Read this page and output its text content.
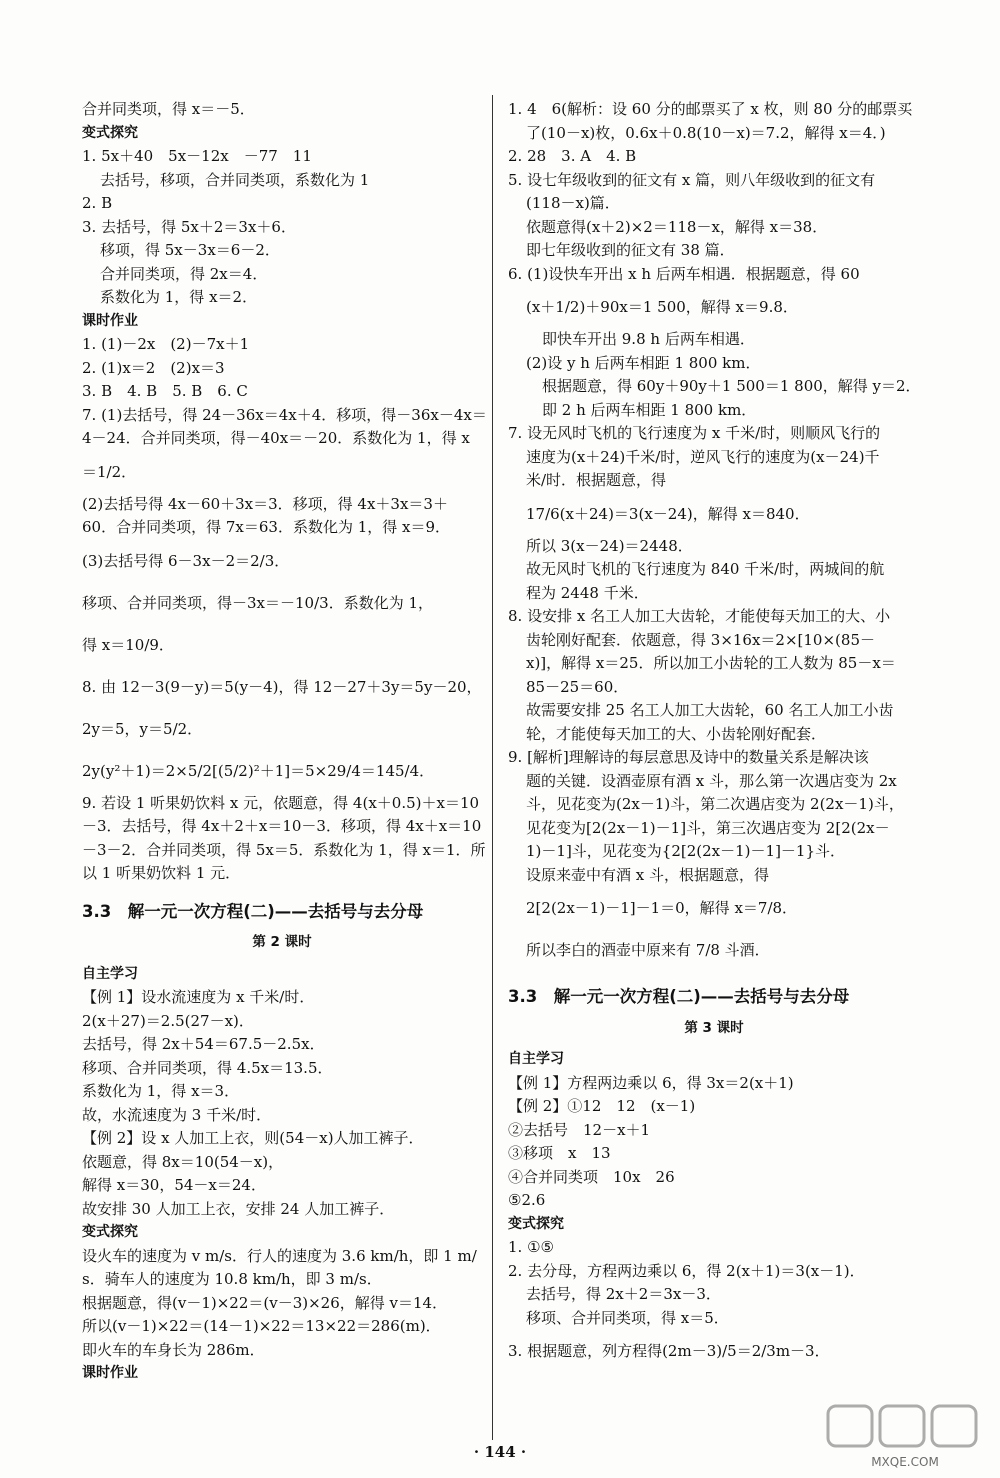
合并同类项，得 x＝－5．
变式探究
1. 5x＋40　5x－12x　－77　11
去括号，移项，合并同类项，系数化为 1
2. B
3. 去括号，得 5x＋2＝3x＋6．
移项，得 5x－3x＝6－2．
合并同类项，得 2x＝4．
系数化为 1，得 x＝2．
课时作业
1. (1)－2x　(2)－7x＋1
2. (1)x＝2　(2)x＝3
3. B　4. B　5. B　6. C
7. (1)去括号，得 24－36x＝4x＋4．移项，得－36x－4x＝
4－24．合并同类项，得－40x＝－20．系数化为 1，得 x
＝1/2．
(2)去括号得 4x－60＋3x＝3．移项，得 4x＋3x＝3＋
60．合并同类项，得 7x＝63．系数化为 1，得 x＝9．
(3)去括号得 6－3x－2＝2/3．
移项、合并同类项，得－3x＝－10/3．系数化为 1，
得 x＝10/9．
8. 由 12－3(9－y)＝5(y－4)，得 12－27＋3y＝5y－20，
2y＝5，y＝5/2．
2y(y²＋1)＝2×5/2[(5/2)²＋1]＝5×29/4＝145/4．
9. 若设 1 听果奶饮料 x 元，依题意，得 4(x＋0.5)＋x＝10
－3．去括号，得 4x＋2＋x＝10－3．移项，得 4x＋x＝10
－3－2．合并同类项，得 5x＝5．系数化为 1，得 x＝1．所
以 1 听果奶饮料 1 元．
3.3　解一元一次方程(二)——去括号与去分母
第 2 课时
自主学习
【例 1】设水流速度为 x 千米/时．
2(x＋27)＝2.5(27－x)．
去括号，得 2x＋54＝67.5－2.5x．
移项、合并同类项，得 4.5x＝13.5．
系数化为 1，得 x＝3．
故，水流速度为 3 千米/时．
【例 2】设 x 人加工上衣，则(54－x)人加工裤子．
依题意，得 8x＝10(54－x)，
解得 x＝30，54－x＝24．
故安排 30 人加工上衣，安排 24 人加工裤子．
变式探究
设火车的速度为 v m/s．行人的速度为 3.6 km/h，即 1 m/
s．骑车人的速度为 10.8 km/h，即 3 m/s．
根据题意，得(v－1)×22＝(v－3)×26，解得 v＝14．
所以(v－1)×22＝(14－1)×22＝13×22＝286(m)．
即火车的车身长为 286m．
课时作业
1. 4　6(解析：设 60 分的邮票买了 x 枚，则 80 分的邮票买
了(10－x)枚，0.6x＋0.8(10－x)＝7.2，解得 x＝4．)
2. 28　3. A　4. B
5. 设七年级收到的征文有 x 篇，则八年级收到的征文有
(118－x)篇．
依题意得(x＋2)×2＝118－x，解得 x＝38．
即七年级收到的征文有 38 篇．
6. (1)设快车开出 x h 后两车相遇．根据题意，得 60
(x＋1/2)＋90x＝1 500，解得 x＝9.8．
即快车开出 9.8 h 后两车相遇．
(2)设 y h 后两车相距 1 800 km．
根据题意，得 60y＋90y＋1 500＝1 800，解得 y＝2．
即 2 h 后两车相距 1 800 km．
7. 设无风时飞机的飞行速度为 x 千米/时，则顺风飞行的
速度为(x＋24)千米/时，逆风飞行的速度为(x－24)千
米/时．根据题意，得
17/6(x＋24)＝3(x－24)，解得 x＝840．
所以 3(x－24)＝2448．
故无风时飞机的飞行速度为 840 千米/时，两城间的航
程为 2448 千米．
8. 设安排 x 名工人加工大齿轮，才能使每天加工的大、小
齿轮刚好配套．依题意，得 3×16x＝2×[10×(85－
x)]，解得 x＝25．所以加工小齿轮的工人数为 85－x＝
85－25＝60．
故需要安排 25 名工人加工大齿轮，60 名工人加工小齿
轮，才能使每天加工的大、小齿轮刚好配套．
9. [解析]理解诗的每层意思及诗中的数量关系是解决该
题的关键．设酒壶原有酒 x 斗，那么第一次遇店变为 2x
斗，见花变为(2x－1)斗，第二次遇店变为 2(2x－1)斗，
见花变为[2(2x－1)－1]斗，第三次遇店变为 2[2(2x－
1)－1]斗，见花变为{2[2(2x－1)－1]－1}斗．
设原来壶中有酒 x 斗，根据题意，得
2[2(2x－1)－1]－1＝0，解得 x＝7/8．
所以李白的酒壶中原来有 7/8 斗酒．
3.3　解一元一次方程(二)——去括号与去分母
第 3 课时
自主学习
【例 1】方程两边乘以 6，得 3x＝2(x＋1)
【例 2】①12　12　(x－1)
②去括号　12－x＋1
③移项　x　13
④合并同类项　10x　26
⑤2.6
变式探究
1. ①⑤
2. 去分母，方程两边乘以 6，得 2(x＋1)＝3(x－1)．
去括号，得 2x＋2＝3x－3．
移项、合并同类项，得 x＝5．
3. 根据题意，列方程得(2m－3)/5＝2/3m－3．
· 144 ·
MXQE.COM
